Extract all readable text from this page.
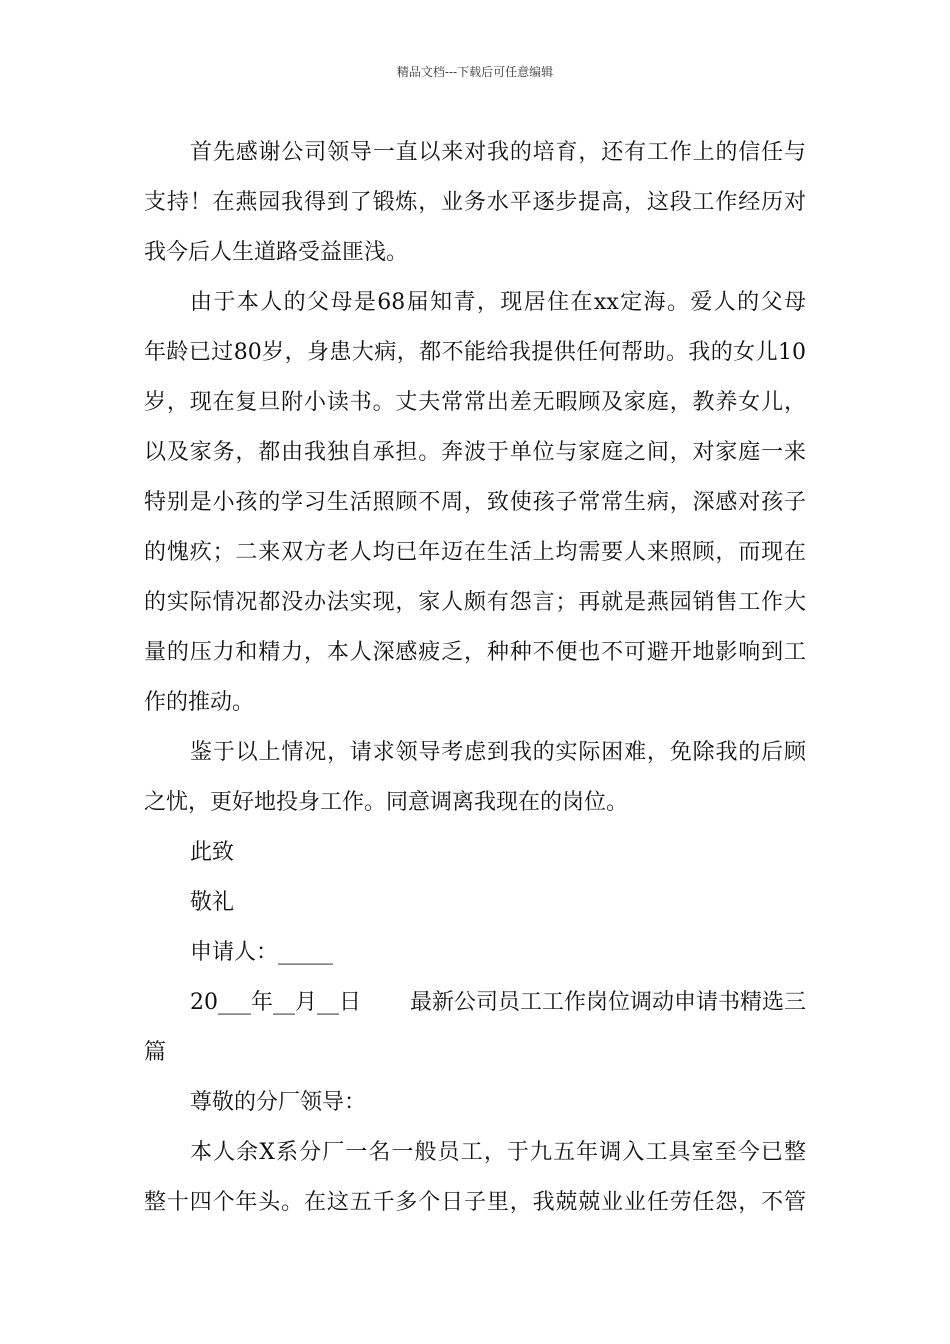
精品文档---下载后可任意编辑
首先感谢公司领导一直以来对我的培育，还有工作上的信任与
支持！在燕园我得到了锻炼，业务水平逐步提高，这段工作经历对
我今后人生道路受益匪浅。
由于本人的父母是68届知青，现居住在xx定海。爱人的父母
年龄已过80岁，身患大病，都不能给我提供任何帮助。我的女儿10
岁，现在复旦附小读书。丈夫常常出差无暇顾及家庭，教养女儿，
以及家务，都由我独自承担。奔波于单位与家庭之间，对家庭一来
特别是小孩的学习生活照顾不周，致使孩子常常生病，深感对孩子
的愧疚；二来双方老人均已年迈在生活上均需要人来照顾，而现在
的实际情况都没办法实现，家人颇有怨言；再就是燕园销售工作大
量的压力和精力，本人深感疲乏，种种不便也不可避开地影响到工
作的推动。
鉴于以上情况，请求领导考虑到我的实际困难，免除我的后顾
之忧，更好地投身工作。同意调离我现在的岗位。

此致

敬礼

申请人：_____

20___年__月__日 最新公司员工工作岗位调动申请书精选三
篇

尊敬的分厂领导：

本人余X系分厂一名一般员工，于九五年调入工具室至今已整
整十四个年头。在这五千多个日子里，我兢兢业业任劳任怨，不管
